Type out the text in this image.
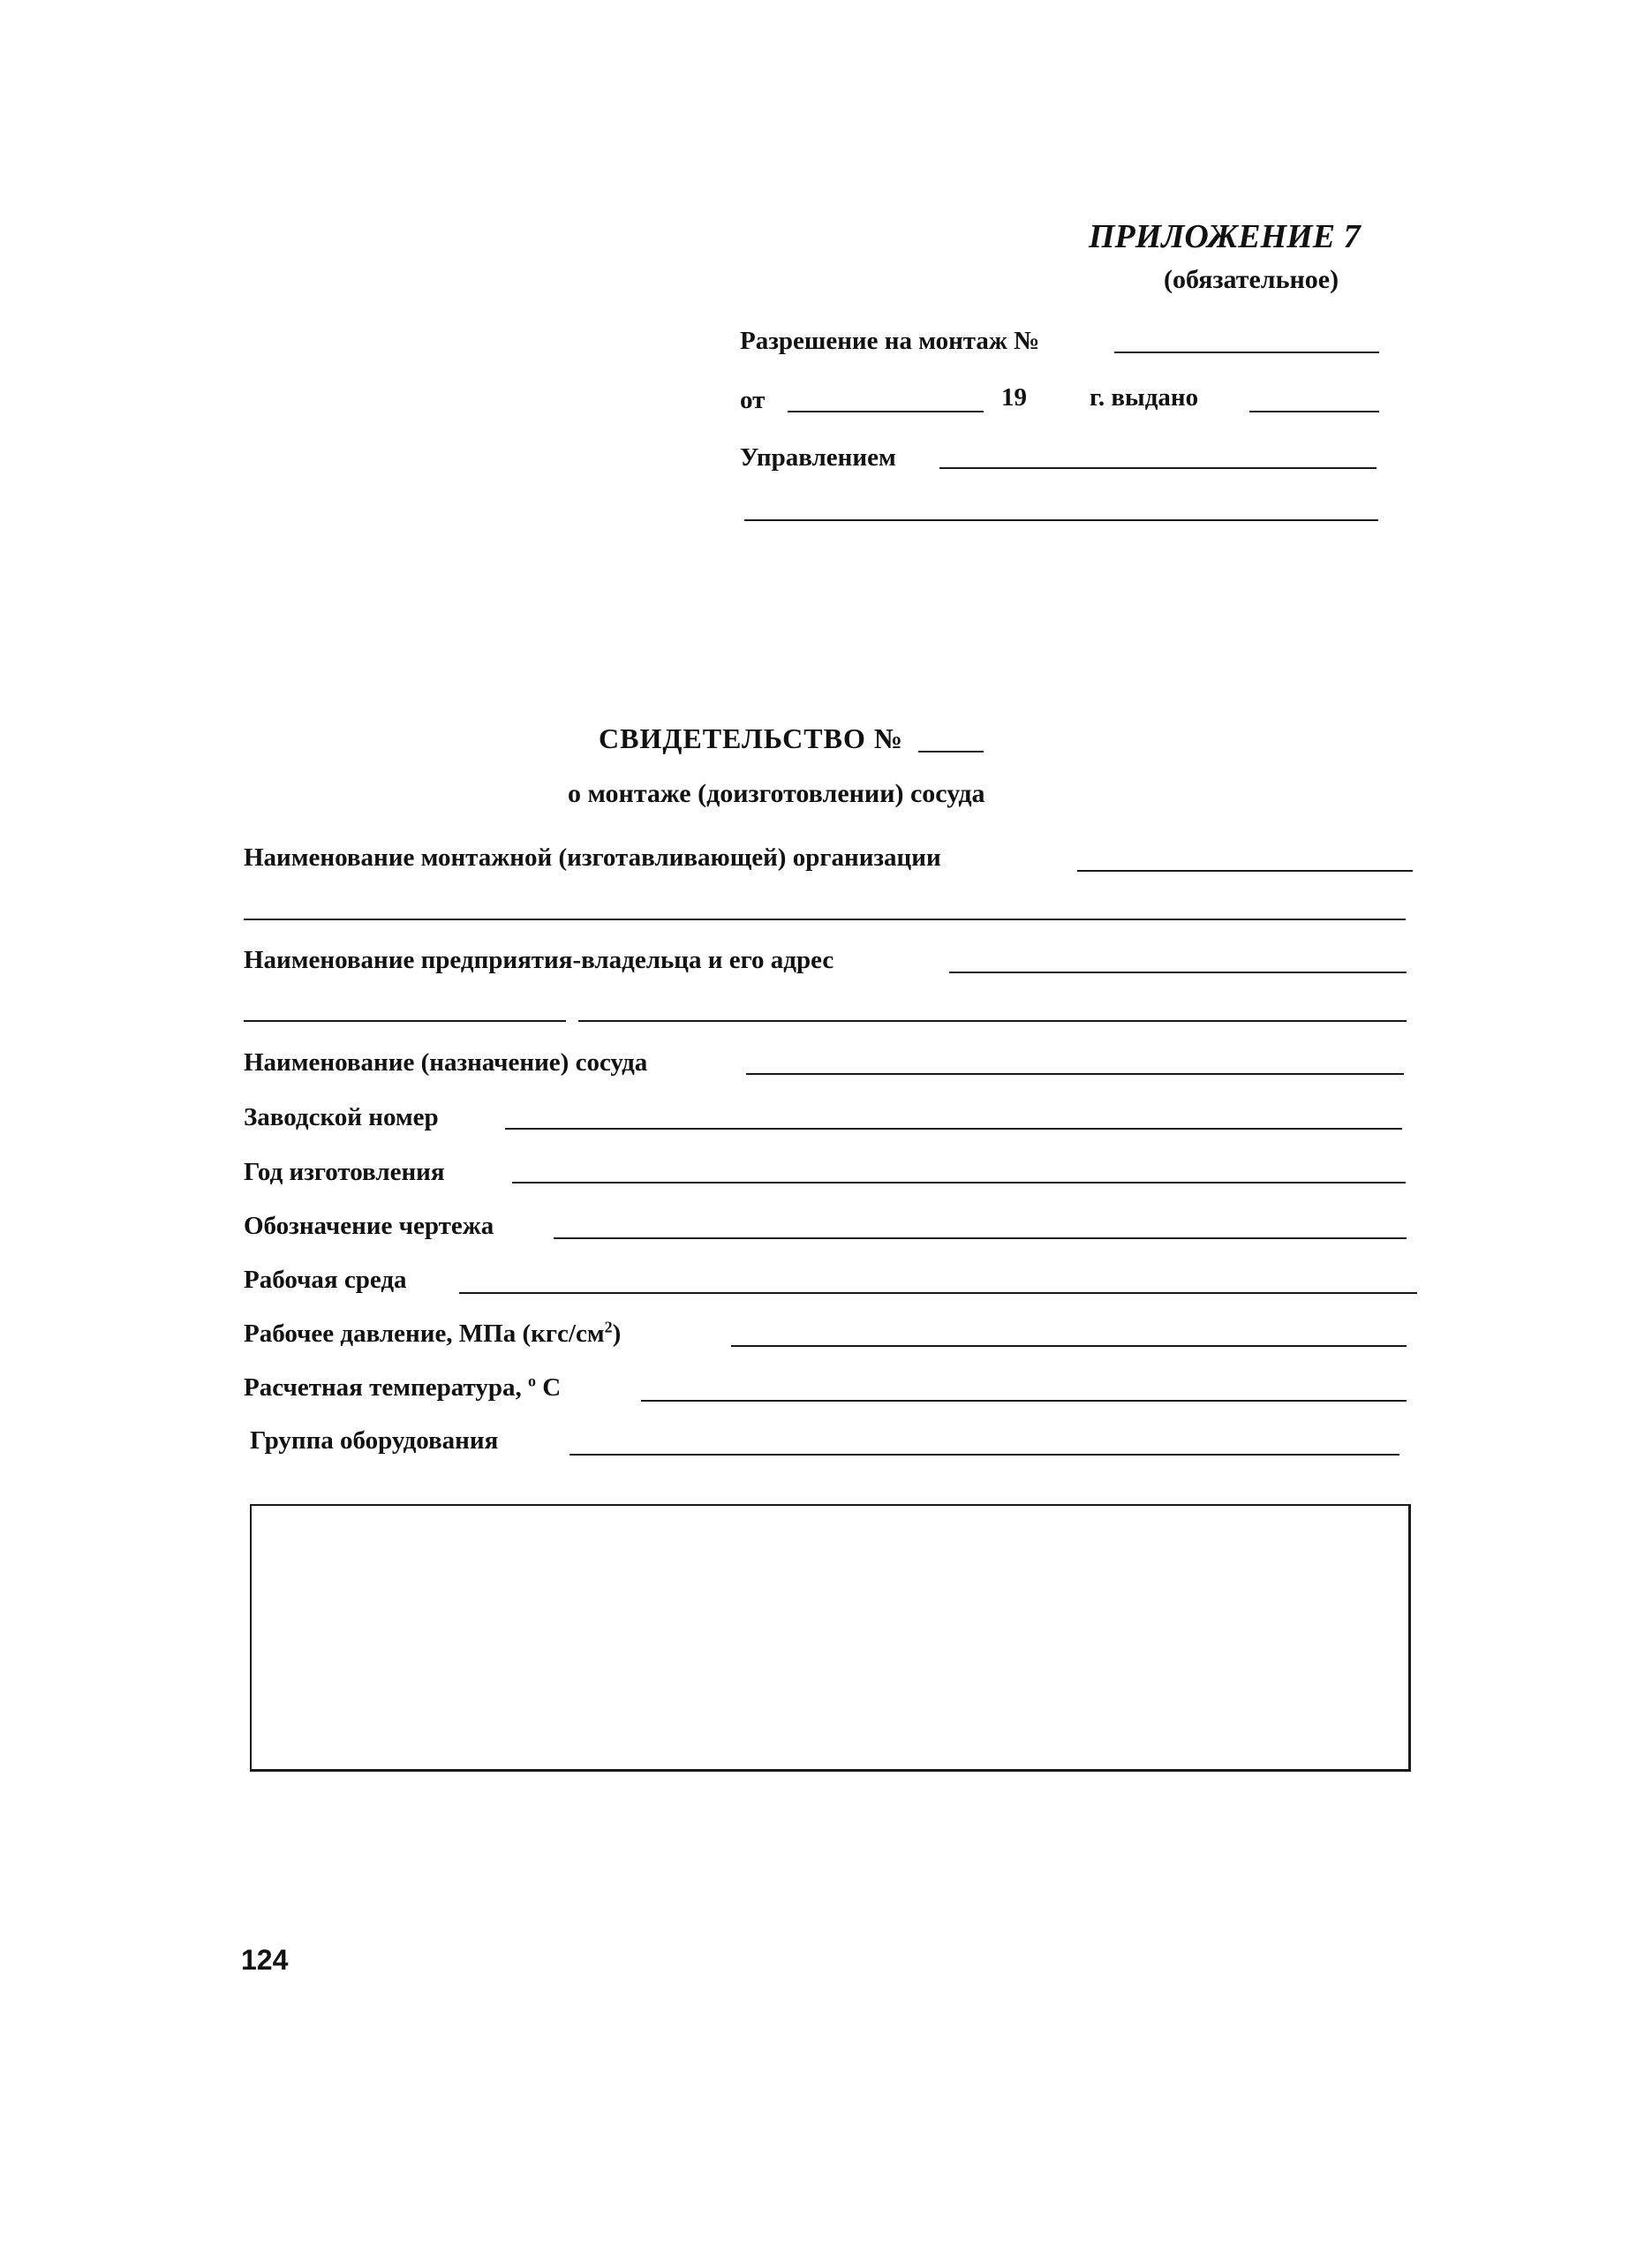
ПРИЛОЖЕНИЕ 7
(обязательное)
Разрешение на монтаж №
от	19 г. выдано
Управлением
СВИДЕТЕЛЬСТВО №
о монтаже (доизготовлении) сосуда
Наименование монтажной (изготавливающей) организации
Наименование предприятия-владельца и его адрес
Наименование (назначение) сосуда
Заводской номер
Год изготовления
Обозначение чертежа
Рабочая среда
Рабочее давление, МПа $(кгс/см^2)$
Расчетная температура, $^о$ С
Группа оборудования
124
